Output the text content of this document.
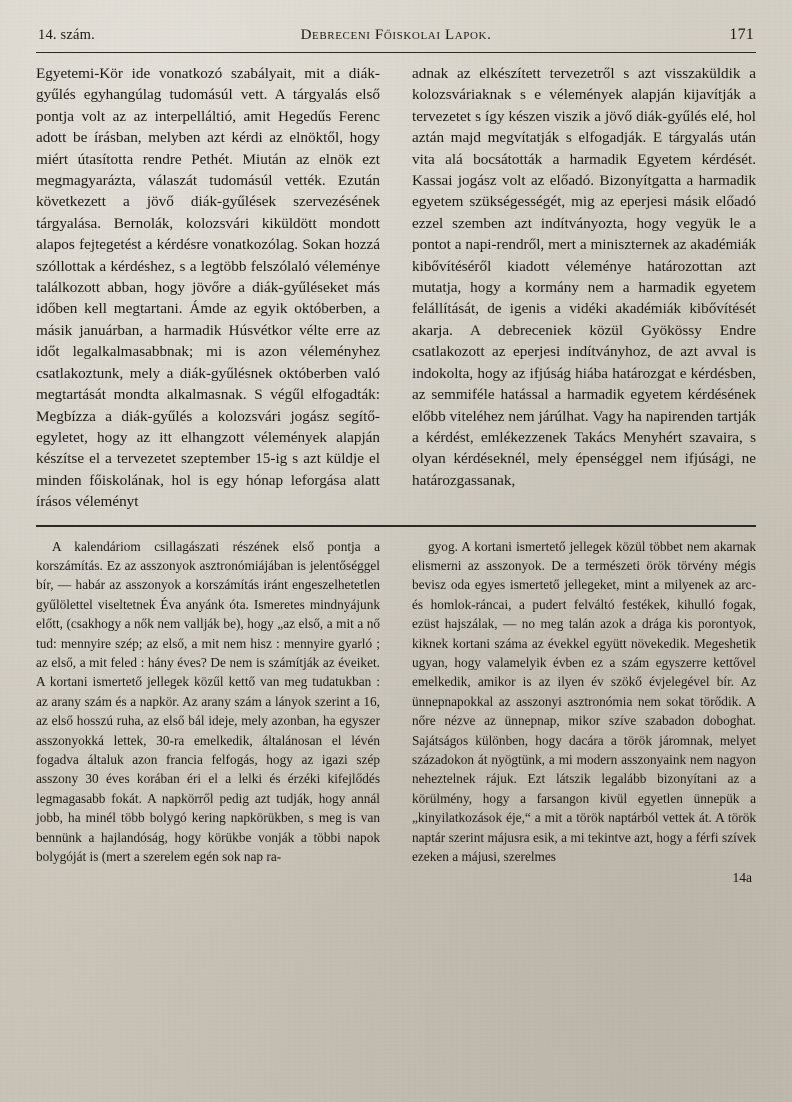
14. szám.	Debreceni Főiskolai Lapok.	171

Egyetemi-Kör ide vonatkozó szabályait, mit a diák-gyűlés egyhangúlag tudomásúl vett. A tárgyalás első pontja volt az az interpelláltió, amit Hegedűs Ferenc adott be írásban, melyben azt kérdi az elnöktől, hogy miért útasította rendre Pethét. Miután az elnök ezt megmagyarázta, válaszát tudomásúl vették. Ezután következett a jövő diák-gyűlések szervezésének tárgyalása. Bernolák, kolozsvári kiküldött mondott alapos fejtegetést a kérdésre vonatkozólag. Sokan hozzá szóllottak a kérdéshez, s a legtöbb felszólaló véleménye találkozott abban, hogy jövőre a diák-gyűléseket más időben kell megtartani. Ámde az egyik októberben, a másik januárban, a harmadik Húsvétkor vélte erre az időt legalkalmasabbnak; mi is azon véleményhez csatlakoztunk, mely a diák-gyűlésnek októberben való megtartását mondta alkalmasnak. S végűl elfogadták: Megbízza a diák-gyűlés a kolozsvári jogász segítő-egyletet, hogy az itt elhangzott vélemények alapján készítse el a tervezetet szeptember 15-ig s azt küldje el minden főiskolának, hol is egy hónap leforgása alatt írásos véleményt

adnak az elkészített tervezetről s azt visszaküldik a kolozsváriaknak s e vélemények alapján kijavítják a tervezetet s így készen viszik a jövő diák-gyűlés elé, hol aztán majd megvítatják s elfogadják. E tárgyalás után vita alá bocsátották a harmadik Egyetem kérdését. Kassai jogász volt az előadó. Bizonyítgatta a harmadik egyetem szükségességét, mig az eperjesi másik előadó ezzel szemben azt indítványozta, hogy vegyük le a pontot a napi-rendről, mert a miniszternek az akadémiák kibővítéséről kiadott véleménye határozottan azt mutatja, hogy a kormány nem a harmadik egyetem felállítását, de igenis a vidéki akadémiák kibővítését akarja. A debreceniek közül Gyökössy Endre csatlakozott az eperjesi indítványhoz, de azt avval is indokolta, hogy az ifjúság hiába határozgat e kérdésben, az semmiféle hatással a harmadik egyetem kérdésének előbb viteléhez nem járúlhat. Vagy ha napirenden tartják a kérdést, emlékezzenek Takács Menyhért szavaira, s olyan kérdéseknél, mely épenséggel nem ifjúsági, ne határozgassanak,

A kalendáriom csillagászati részének első pontja a korszámítás. Ez az asszonyok asztronómiájában is jelentőséggel bír, — habár az asszonyok a korszámítás iránt engeszelhetetlen gyűlölettel viseltetnek Éva anyánk óta. Ismeretes mindnyájunk előtt, (csakhogy a nők nem vallják be), hogy „az első, a mit a nő tud: mennyire szép; az első, a mit nem hisz : mennyire gyarló ; az első, a mit feled : hány éves? De nem is számítják az éveiket. A kortani ismertető jellegek közűl kettő van meg tudatukban : az arany szám és a napkör. Az arany szám a lányok szerint a 16, az első hosszú ruha, az első bál ideje, mely azonban, ha egyszer asszonyokká lettek, 30-ra emelkedik, általánosan el lévén fogadva általuk azon francia felfogás, hogy az igazi szép asszony 30 éves korában éri el a lelki és érzéki kifejlődés legmagasabb fokát. A napkörről pedig azt tudják, hogy annál jobb, ha minél több bolygó kering napkörükben, s meg is van bennünk a hajlandóság, hogy körükbe vonják a többi napok bolygóját is (mert a szerelem egén sok nap ra-

gyog. A kortani ismertető jellegek közül többet nem akarnak elismerni az asszonyok. De a természeti örök törvény mégis bevisz oda egyes ismertető jellegeket, mint a milyenek az arc- és homlok-ráncai, a pudert felváltó festékek, kihulló fogak, ezüst hajszálak, — no meg talán azok a drága kis porontyok, kiknek kortani száma az évekkel együtt növekedik. Megeshetik ugyan, hogy valamelyik évben ez a szám egyszerre kettővel emelkedik, amikor is az ilyen év szökő évjelegével bír. Az ünnepnapokkal az asszonyi asztronómia nem sokat törődik. A nőre nézve az ünnepnap, mikor szíve szabadon doboghat. Sajátságos különben, hogy dacára a török járomnak, melyet századokon át nyögtünk, a mi modern asszonyaink nem nagyon neheztelnek rájuk. Ezt látszik legalább bizonyítani az a körülmény, hogy a farsangon kivül egyetlen ünnepük a „kinyilatkozások éje,“ a mit a török naptárból vettek át. A török naptár szerint májusra esik, a mi tekintve azt, hogy a férfi szívek ezeken a májusi, szerelmes

14a
